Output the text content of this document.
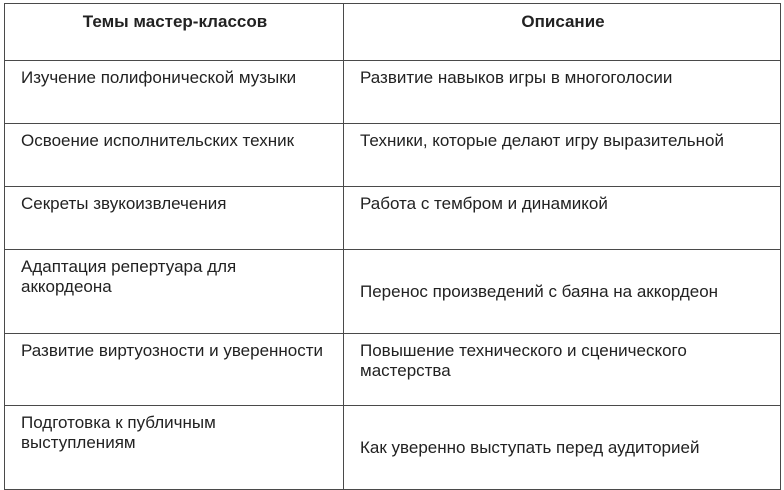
Темы мастер-классов	Описание
Изучение полифонической музыки	Развитие навыков игры в многоголосии
Освоение исполнительских техник	Техники, которые делают игру выразительной
Секреты звукоизвлечения	Работа с тембром и динамикой
Адаптация репертуара для аккордеона	Перенос произведений с баяна на аккордеон
Развитие виртуозности и уверенности	Повышение технического и сценического мастерства
Подготовка к публичным выступлениям	Как уверенно выступать перед аудиторией
